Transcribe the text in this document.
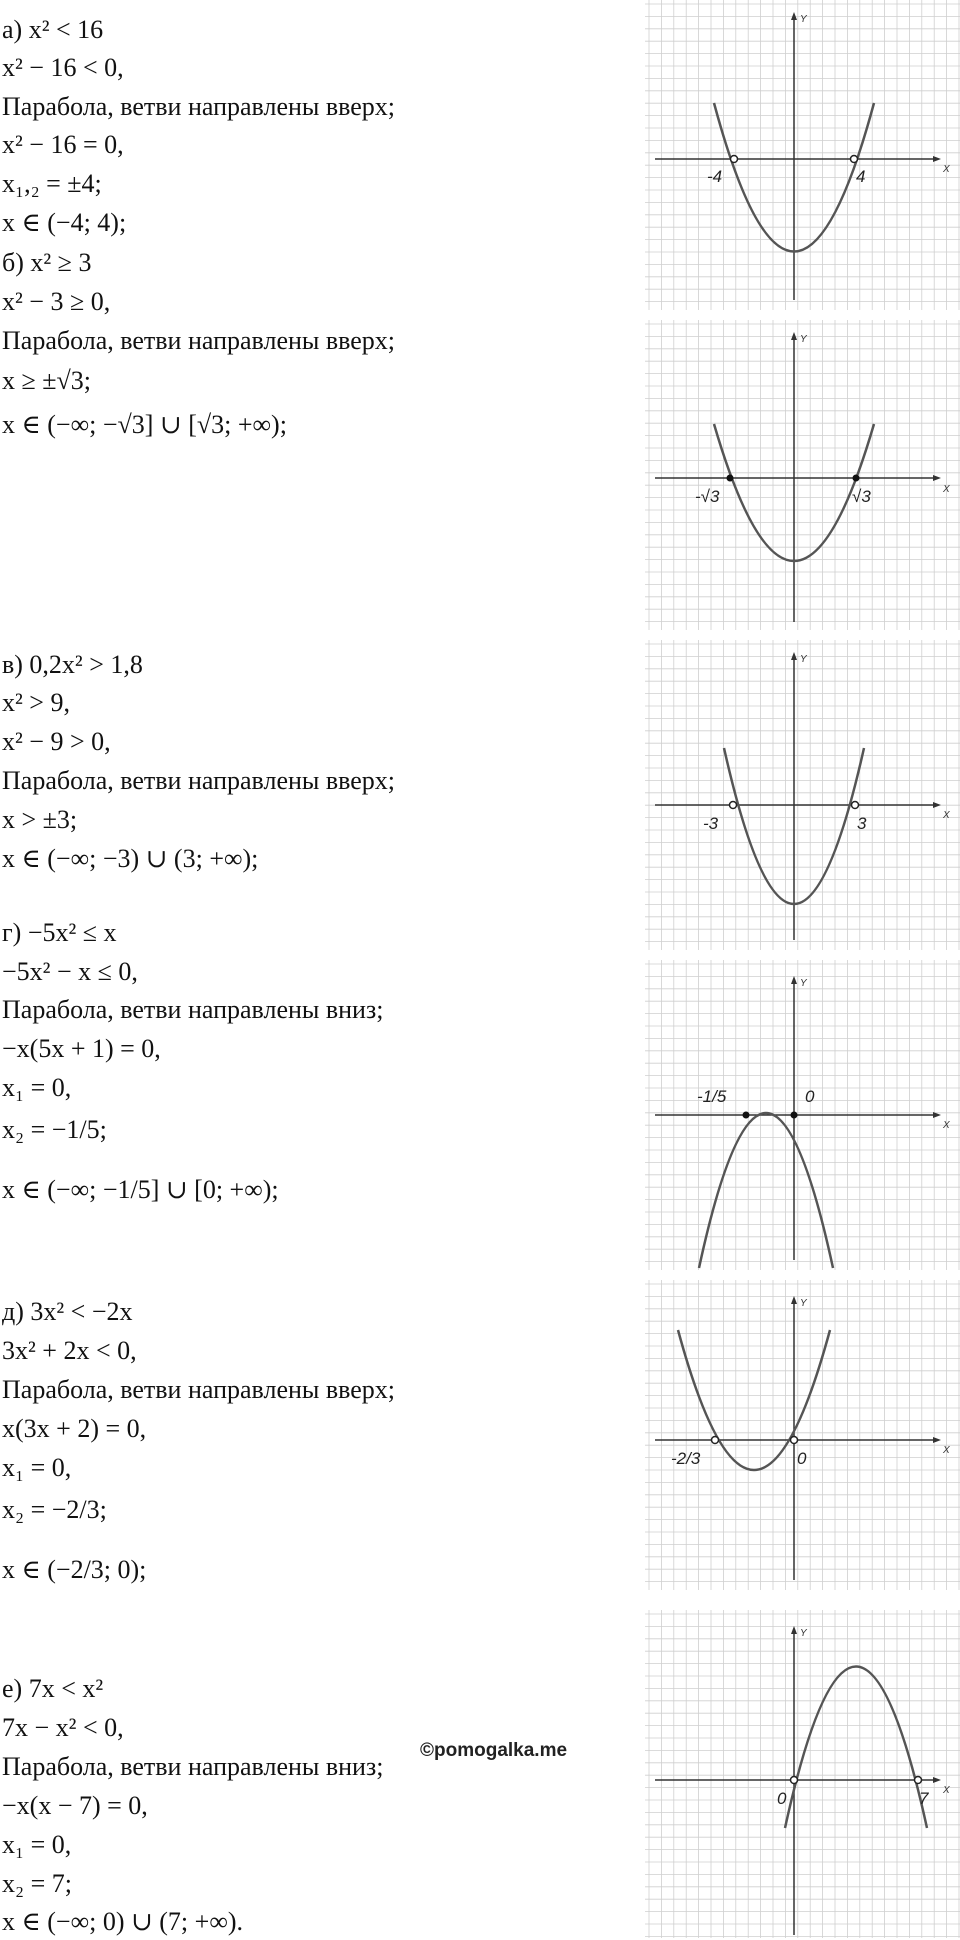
а) x² < 16
x² − 16 < 0,
Парабола, ветви направлены вверх;
x² − 16 = 0,
x₁,₂ = ±4;
x ∈ (−4; 4);
б) x² ≥ 3
x² − 3 ≥ 0,
Парабола, ветви направлены вверх;
x ≥ ±√3;
x ∈ (−∞; −√3] ∪ [√3; +∞);
в) 0,2x² > 1,8
x² > 9,
x² − 9 > 0,
Парабола, ветви направлены вверх;
x > ±3;
x ∈ (−∞; −3) ∪ (3; +∞);
г) −5x² ≤ x
−5x² − x ≤ 0,
Парабола, ветви направлены вниз;
−x(5x + 1) = 0,
x₁ = 0,
x₂ = −1/5;
x ∈ (−∞; −1/5] ∪ [0; +∞);
д) 3x² < −2x
3x² + 2x < 0,
Парабола, ветви направлены вверх;
x(3x + 2) = 0,
x₁ = 0,
x₂ = −2/3;
x ∈ (−2/3; 0);
е) 7x < x²
7x − x² < 0,
Парабола, ветви направлены вниз;
−x(x − 7) = 0,
x₁ = 0,
x₂ = 7;
x ∈ (−∞; 0) ∪ (7; +∞).
©pomogalka.me
X
Y
-4	4
X
Y
-√3	√3
X
Y
-3	3
X
Y
-1/5	0
X
Y
-2/3	0
X
Y
0	7
